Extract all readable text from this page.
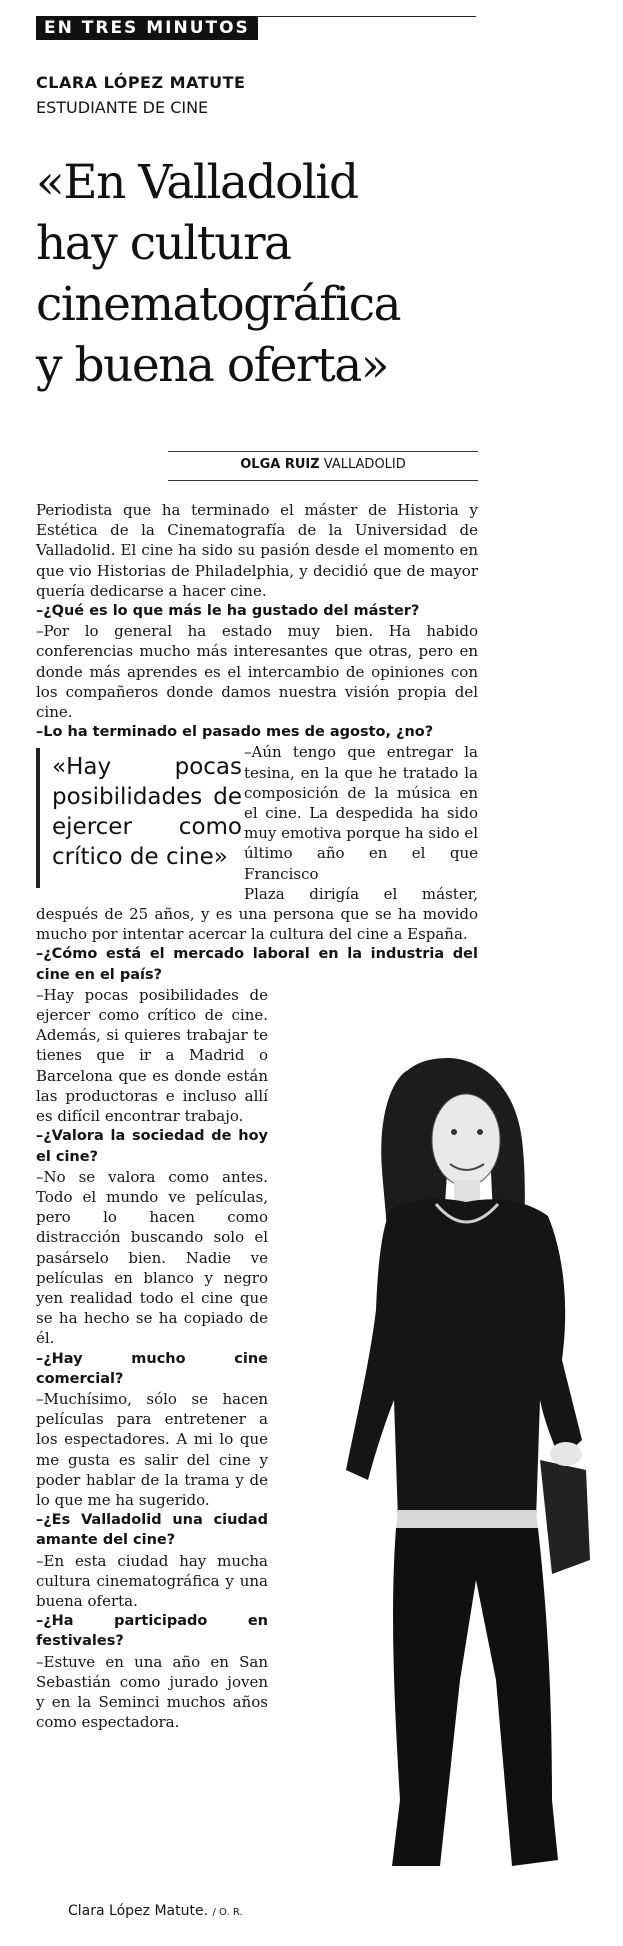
EN TRES MINUTOS
CLARA LÓPEZ MATUTE
ESTUDIANTE DE CINE
«En Valladolid
hay cultura
cinematográfica
y buena oferta»
OLGA RUIZ VALLADOLID

Periodista que ha terminado el máster de Historia y Estética de la Cinematografía de la Universidad de Valladolid. El cine ha sido su pasión desde el momento en que vio Historias de Philadelphia, y decidió que de mayor quería dedicarse a hacer cine.

–¿Qué es lo que más le ha gustado del máster?

–Por lo general ha estado muy bien. Ha habido conferencias mucho más interesantes que otras, pero en donde más aprendes es el intercambio de opiniones con los compañeros donde damos nuestra visión propia del cine.

–Lo ha terminado el pasado mes de agosto, ¿no?
«Hay pocas posibilidades de ejercer como crítico de cine»

–Aún tengo que entregar la tesina, en la que he tratado la composición de la música en el cine. La despedida ha sido muy emotiva porque ha sido el último año en el que Francisco

Plaza dirigía el máster, después de 25 años, y es una persona que se ha movido mucho por intentar acercar la cultura del cine a España.

–¿Cómo está el mercado laboral en la industria del cine en el país?

–Hay pocas posibilidades de ejercer como crítico de cine. Además, si quieres trabajar te tienes que ir a Madrid o Barcelona que es donde están las productoras e incluso allí es difícil encontrar trabajo.

–¿Valora la sociedad de hoy el cine?

–No se valora como antes. Todo el mundo ve películas, pero lo hacen como distracción buscando solo el pasárselo bien. Nadie ve películas en blanco y negro yen realidad todo el cine que se ha hecho se ha copiado de él.

–¿Hay mucho cine comercial?

–Muchísimo, sólo se hacen películas para entretener a los espectadores. A mi lo que me gusta es salir del cine y poder hablar de la trama y de lo que me ha sugerido.

–¿Es Valladolid una ciudad amante del cine?

–En esta ciudad hay mucha cultura cinematográfica y una buena oferta.

–¿Ha participado en festivales?

–Estuve en una año en San Sebastián como jurado joven y en la Seminci muchos años como espectadora.

Clara López Matute. / O. R.
